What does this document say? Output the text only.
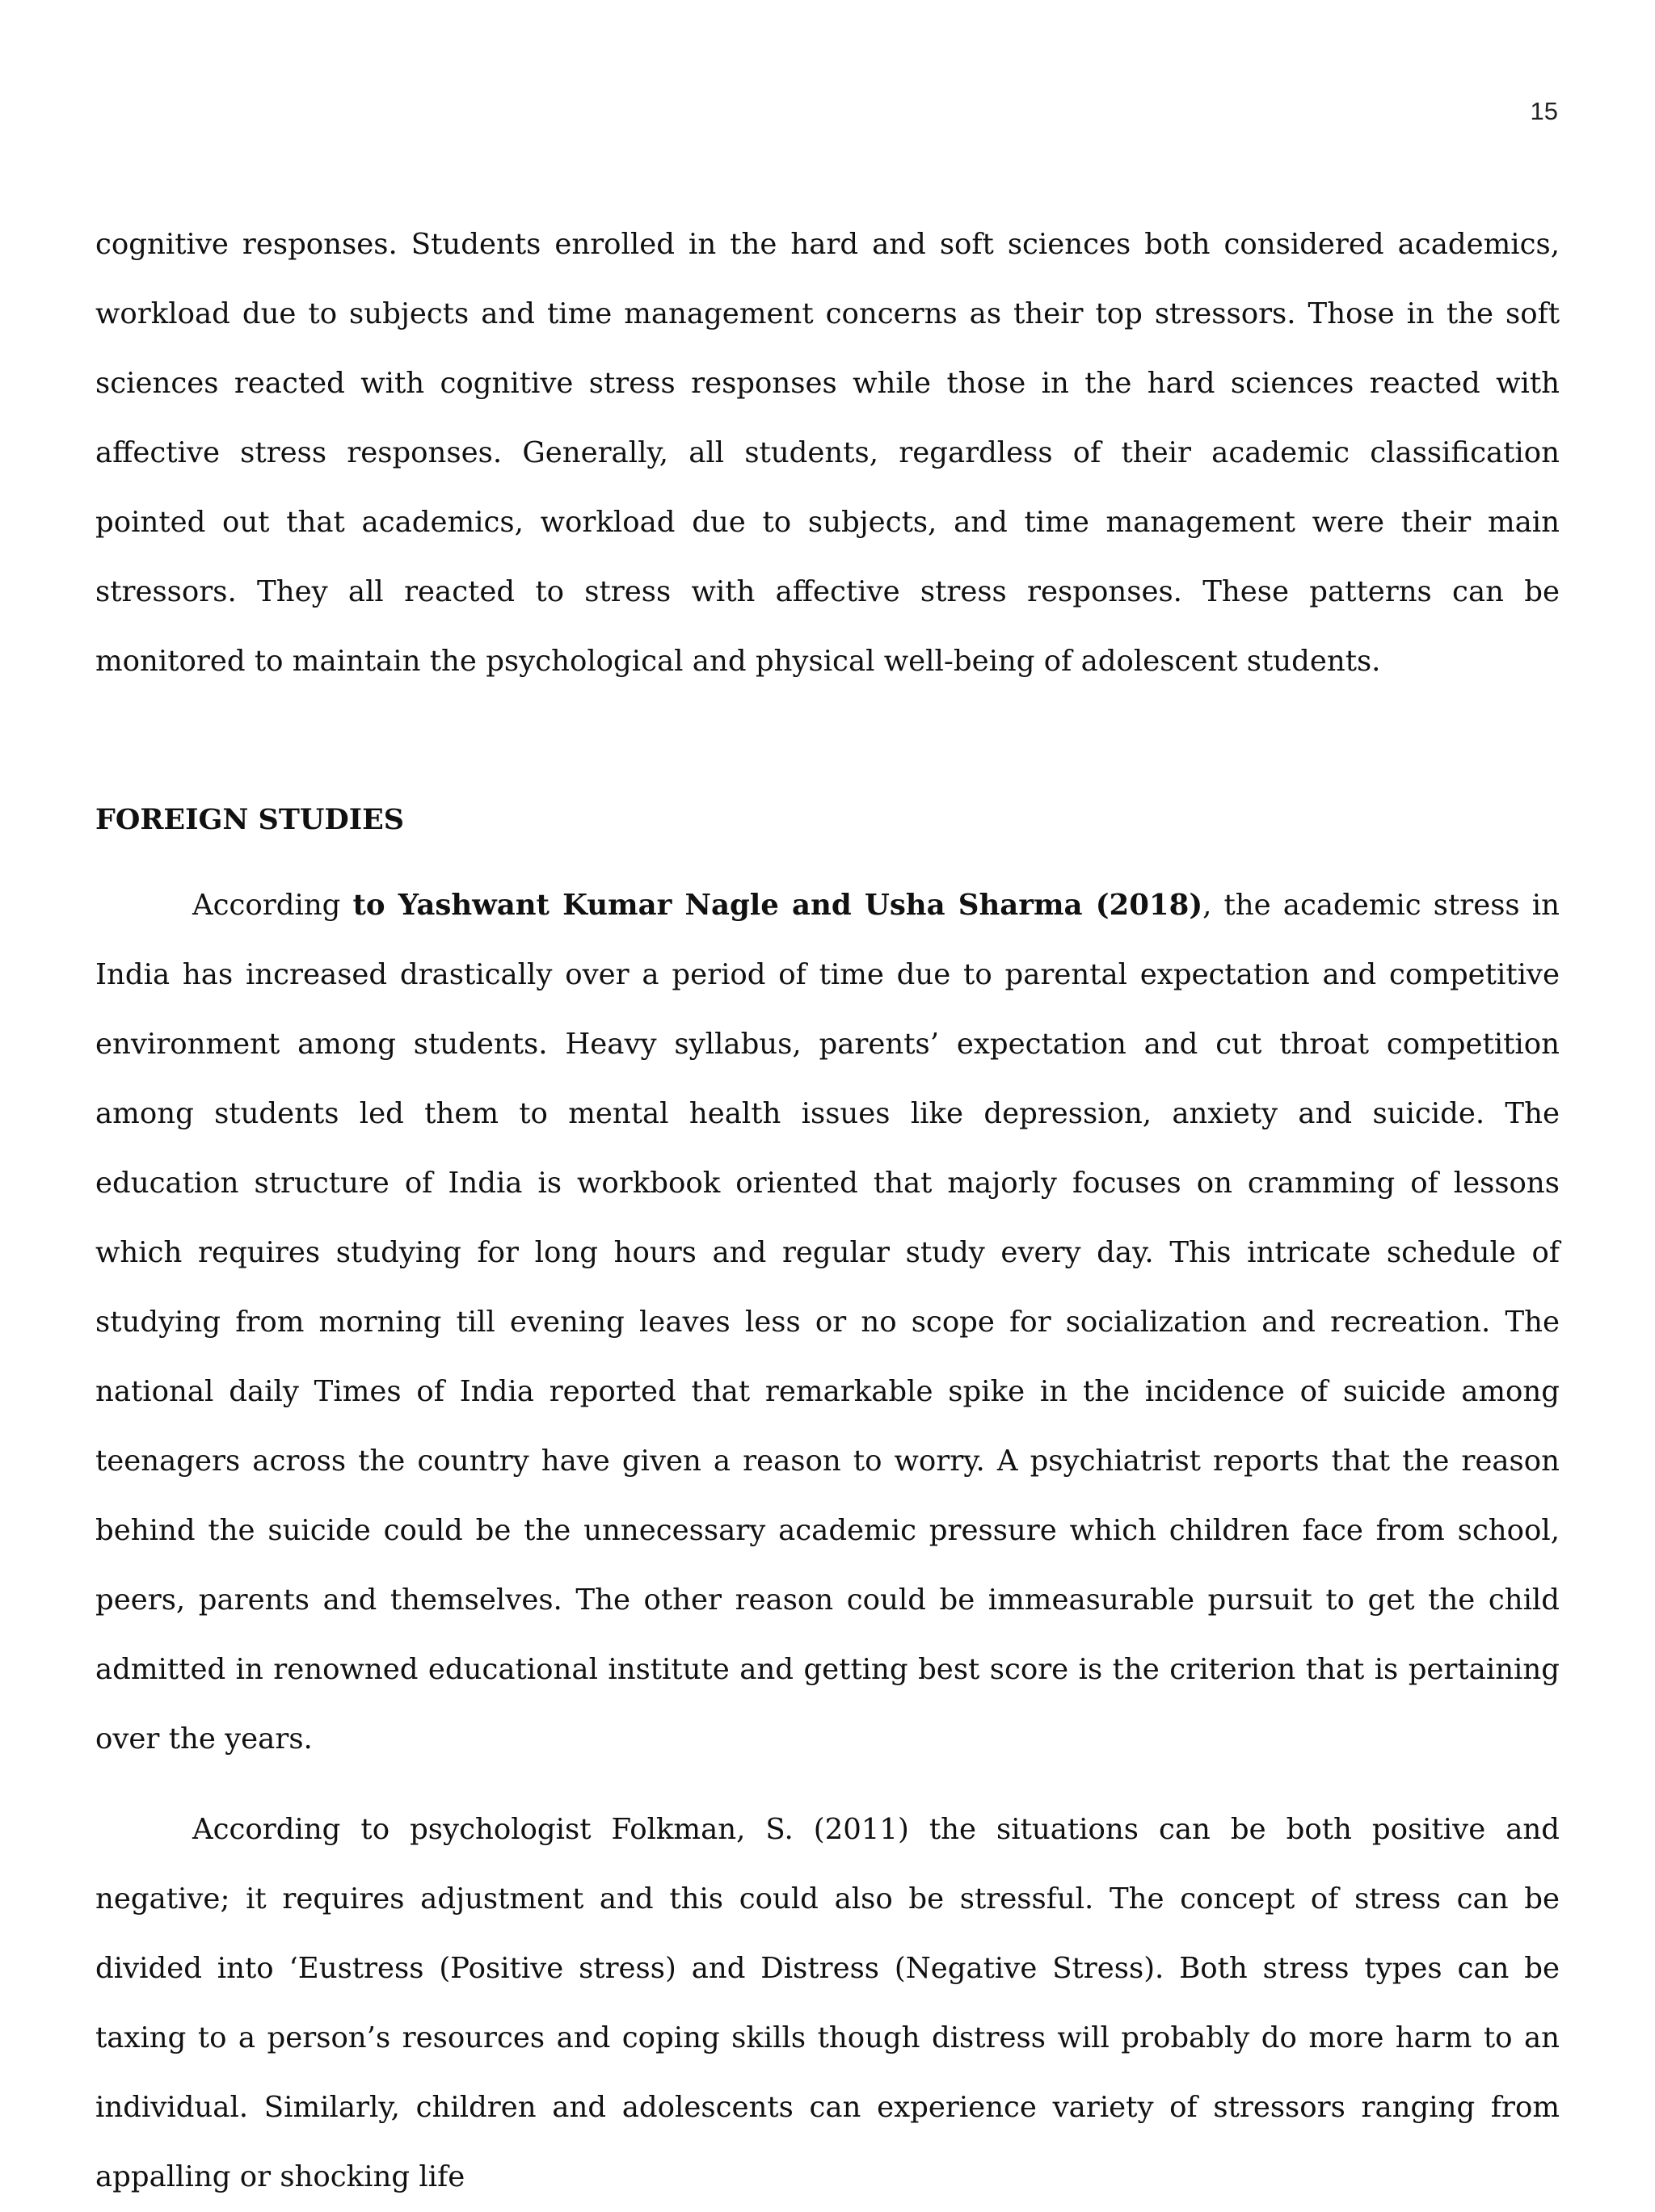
15

cognitive responses. Students enrolled in the hard and soft sciences both considered academics, workload due to subjects and time management concerns as their top stressors. Those in the soft sciences reacted with cognitive stress responses while those in the hard sciences reacted with affective stress responses. Generally, all students, regardless of their academic classification pointed out that academics, workload due to subjects, and time management were their main stressors. They all reacted to stress with affective stress responses. These patterns can be monitored to maintain the psychological and physical well-being of adolescent students.

FOREIGN STUDIES

According to Yashwant Kumar Nagle and Usha Sharma (2018), the academic stress in India has increased drastically over a period of time due to parental expectation and competitive environment among students. Heavy syllabus, parents’ expectation and cut throat competition among students led them to mental health issues like depression, anxiety and suicide. The education structure of India is workbook oriented that majorly focuses on cramming of lessons which requires studying for long hours and regular study every day. This intricate schedule of studying from morning till evening leaves less or no scope for socialization and recreation. The national daily Times of India reported that remarkable spike in the incidence of suicide among teenagers across the country have given a reason to worry. A psychiatrist reports that the reason behind the suicide could be the unnecessary academic pressure which children face from school, peers, parents and themselves. The other reason could be immeasurable pursuit to get the child admitted in renowned educational institute and getting best score is the criterion that is pertaining over the years.

According to psychologist Folkman, S. (2011) the situations can be both positive and negative; it requires adjustment and this could also be stressful. The concept of stress can be divided into ‘Eustress (Positive stress) and Distress (Negative Stress). Both stress types can be taxing to a person’s resources and coping skills though distress will probably do more harm to an individual. Similarly, children and adolescents can experience variety of stressors ranging from appalling or shocking life
